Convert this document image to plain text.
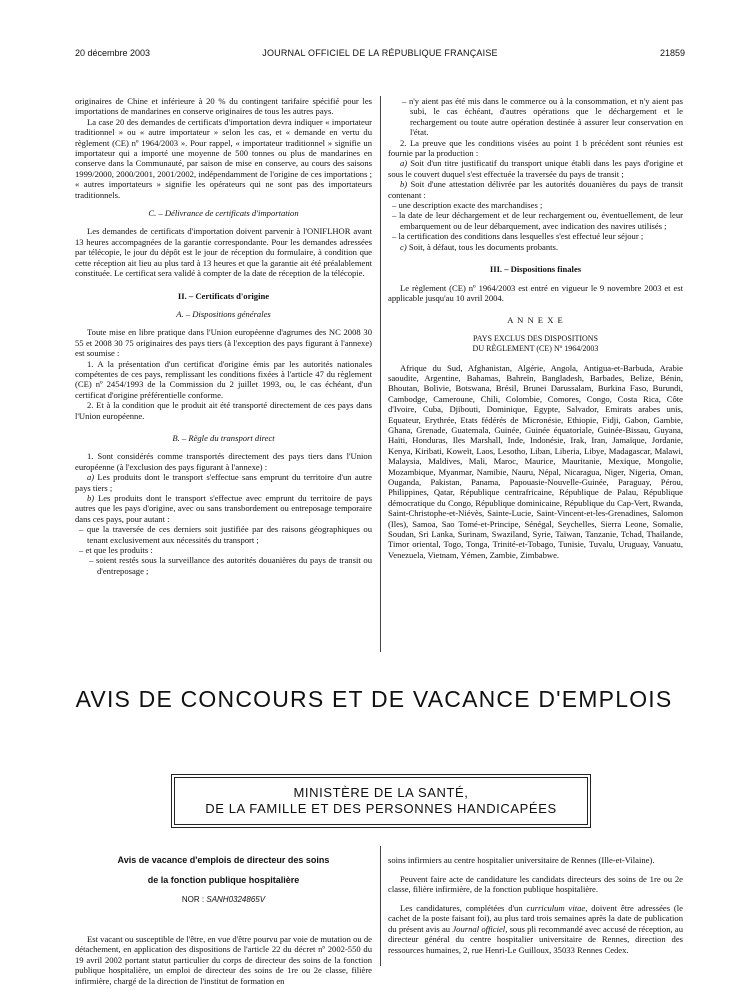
20 décembre 2003	JOURNAL OFFICIEL DE LA RÉPUBLIQUE FRANÇAISE	21859

originaires de Chine et inférieure à 20 % du contingent tarifaire spécifié pour les importations de mandarines en conserve originaires de tous les autres pays.

La case 20 des demandes de certificats d'importation devra indiquer « importateur traditionnel » ou « autre importateur » selon les cas, et « demande en vertu du règlement (CE) nº 1964/2003 ». Pour rappel, « importateur traditionnel » signifie un importateur qui a importé une moyenne de 500 tonnes ou plus de mandarines en conserve dans la Communauté, par saison de mise en conserve, au cours des saisons 1999/2000, 2000/2001, 2001/2002, indépendamment de l'origine de ces importations ; « autres importateurs » signifie les opérateurs qui ne sont pas des importateurs traditionnels.

C. – Délivrance de certificats d'importation

Les demandes de certificats d'importation doivent parvenir à l'ONIFLHOR avant 13 heures accompagnées de la garantie correspondante. Pour les demandes adressées par télécopie, le jour du dépôt est le jour de réception du formulaire, à condition que cette réception ait lieu au plus tard à 13 heures et que la garantie ait été préalablement constituée. Le certificat sera validé à compter de la date de réception de la télécopie.

II. – Certificats d'origine

A. – Dispositions générales

Toute mise en libre pratique dans l'Union européenne d'agrumes des NC 2008 30 55 et 2008 30 75 originaires des pays tiers (à l'exception des pays figurant à l'annexe) est soumise :

1. A la présentation d'un certificat d'origine émis par les autorités nationales compétentes de ces pays, remplissant les conditions fixées à l'article 47 du règlement (CE) nº 2454/1993 de la Commission du 2 juillet 1993, ou, le cas échéant, d'un certificat d'origine préférentielle conforme.

2. Et à la condition que le produit ait été transporté directement de ces pays dans l'Union européenne.

B. – Règle du transport direct

1. Sont considérés comme transportés directement des pays tiers dans l'Union européenne (à l'exclusion des pays figurant à l'annexe) :

a) Les produits dont le transport s'effectue sans emprunt du territoire d'un autre pays tiers ;

b) Les produits dont le transport s'effectue avec emprunt du territoire de pays autres que les pays d'origine, avec ou sans transbordement ou entreposage temporaire dans ces pays, pour autant :

– que la traversée de ces derniers soit justifiée par des raisons géographiques ou tenant exclusivement aux nécessités du transport ;

– et que les produits :

– soient restés sous la surveillance des autorités douanières du pays de transit ou d'entreposage ;

– n'y aient pas été mis dans le commerce ou à la consommation, et n'y aient pas subi, le cas échéant, d'autres opérations que le déchargement et le rechargement ou toute autre opération destinée à assurer leur conservation en l'état.

2. La preuve que les conditions visées au point 1 b précédent sont réunies est fournie par la production :

a) Soit d'un titre justificatif du transport unique établi dans les pays d'origine et sous le couvert duquel s'est effectuée la traversée du pays de transit ;

b) Soit d'une attestation délivrée par les autorités douanières du pays de transit contenant :

– une description exacte des marchandises ;

– la date de leur déchargement et de leur rechargement ou, éventuellement, de leur embarquement ou de leur débarquement, avec indication des navires utilisés ;

– la certification des conditions dans lesquelles s'est effectué leur séjour ;

c) Soit, à défaut, tous les documents probants.

III. – Dispositions finales

Le règlement (CE) nº 1964/2003 est entré en vigueur le 9 novembre 2003 et est applicable jusqu'au 10 avril 2004.

A N N E X E

PAYS EXCLUS DES DISPOSITIONS

DU RÈGLEMENT (CE) Nº 1964/2003

Afrique du Sud, Afghanistan, Algérie, Angola, Antigua-et-Barbuda, Arabie saoudite, Argentine, Bahamas, Bahreïn, Bangladesh, Barbades, Belize, Bénin, Bhoutan, Bolivie, Botswana, Brésil, Brunei Darussalam, Burkina Faso, Burundi, Cambodge, Cameroune, Chili, Colombie, Comores, Congo, Costa Rica, Côte d'Ivoire, Cuba, Djibouti, Dominique, Egypte, Salvador, Emirats arabes unis, Equateur, Erythrée, Etats fédérés de Micronésie, Ethiopie, Fidji, Gabon, Gambie, Ghana, Grenade, Guatemala, Guinée, Guinée équatoriale, Guinée-Bissau, Guyana, Haïti, Honduras, Iles Marshall, Inde, Indonésie, Irak, Iran, Jamaïque, Jordanie, Kenya, Kiribati, Koweït, Laos, Lesotho, Liban, Liberia, Libye, Madagascar, Malawi, Malaysia, Maldives, Mali, Maroc, Maurice, Mauritanie, Mexique, Mongolie, Mozambique, Myanmar, Namibie, Nauru, Népal, Nicaragua, Niger, Nigeria, Oman, Ouganda, Pakistan, Panama, Papouasie-Nouvelle-Guinée, Paraguay, Pérou, Philippines, Qatar, République centrafricaine, République de Palau, République démocratique du Congo, République dominicaine, République du Cap-Vert, Rwanda, Saint-Christophe-et-Niévès, Sainte-Lucie, Saint-Vincent-et-les-Grenadines, Salomon (Iles), Samoa, Sao Tomé-et-Principe, Sénégal, Seychelles, Sierra Leone, Somalie, Soudan, Sri Lanka, Surinam, Swaziland, Syrie, Taïwan, Tanzanie, Tchad, Thaïlande, Timor oriental, Togo, Tonga, Trinité-et-Tobago, Tunisie, Tuvalu, Uruguay, Vanuatu, Venezuela, Vietnam, Yémen, Zambie, Zimbabwe.

AVIS DE CONCOURS ET DE VACANCE D'EMPLOIS
MINISTÈRE DE LA SANTÉ,
DE LA FAMILLE ET DES PERSONNES HANDICAPÉES

Avis de vacance d'emplois de directeur des soins

de la fonction publique hospitalière

NOR : SANH0324865V

Est vacant ou susceptible de l'être, en vue d'être pourvu par voie de mutation ou de détachement, en application des dispositions de l'article 22 du décret nº 2002-550 du 19 avril 2002 portant statut particulier du corps de directeur des soins de la fonction publique hospitalière, un emploi de directeur des soins de 1re ou 2e classe, filière infirmière, chargé de la direction de l'institut de formation en

soins infirmiers au centre hospitalier universitaire de Rennes (Ille-et-Vilaine).

Peuvent faire acte de candidature les candidats directeurs des soins de 1re ou 2e classe, filière infirmière, de la fonction publique hospitalière.

Les candidatures, complétées d'un curriculum vitae, doivent être adressées (le cachet de la poste faisant foi), au plus tard trois semaines après la date de publication du présent avis au Journal officiel, sous pli recommandé avec accusé de réception, au directeur général du centre hospitalier universitaire de Rennes, direction des ressources humaines, 2, rue Henri-Le Guilloux, 35033 Rennes Cedex.
